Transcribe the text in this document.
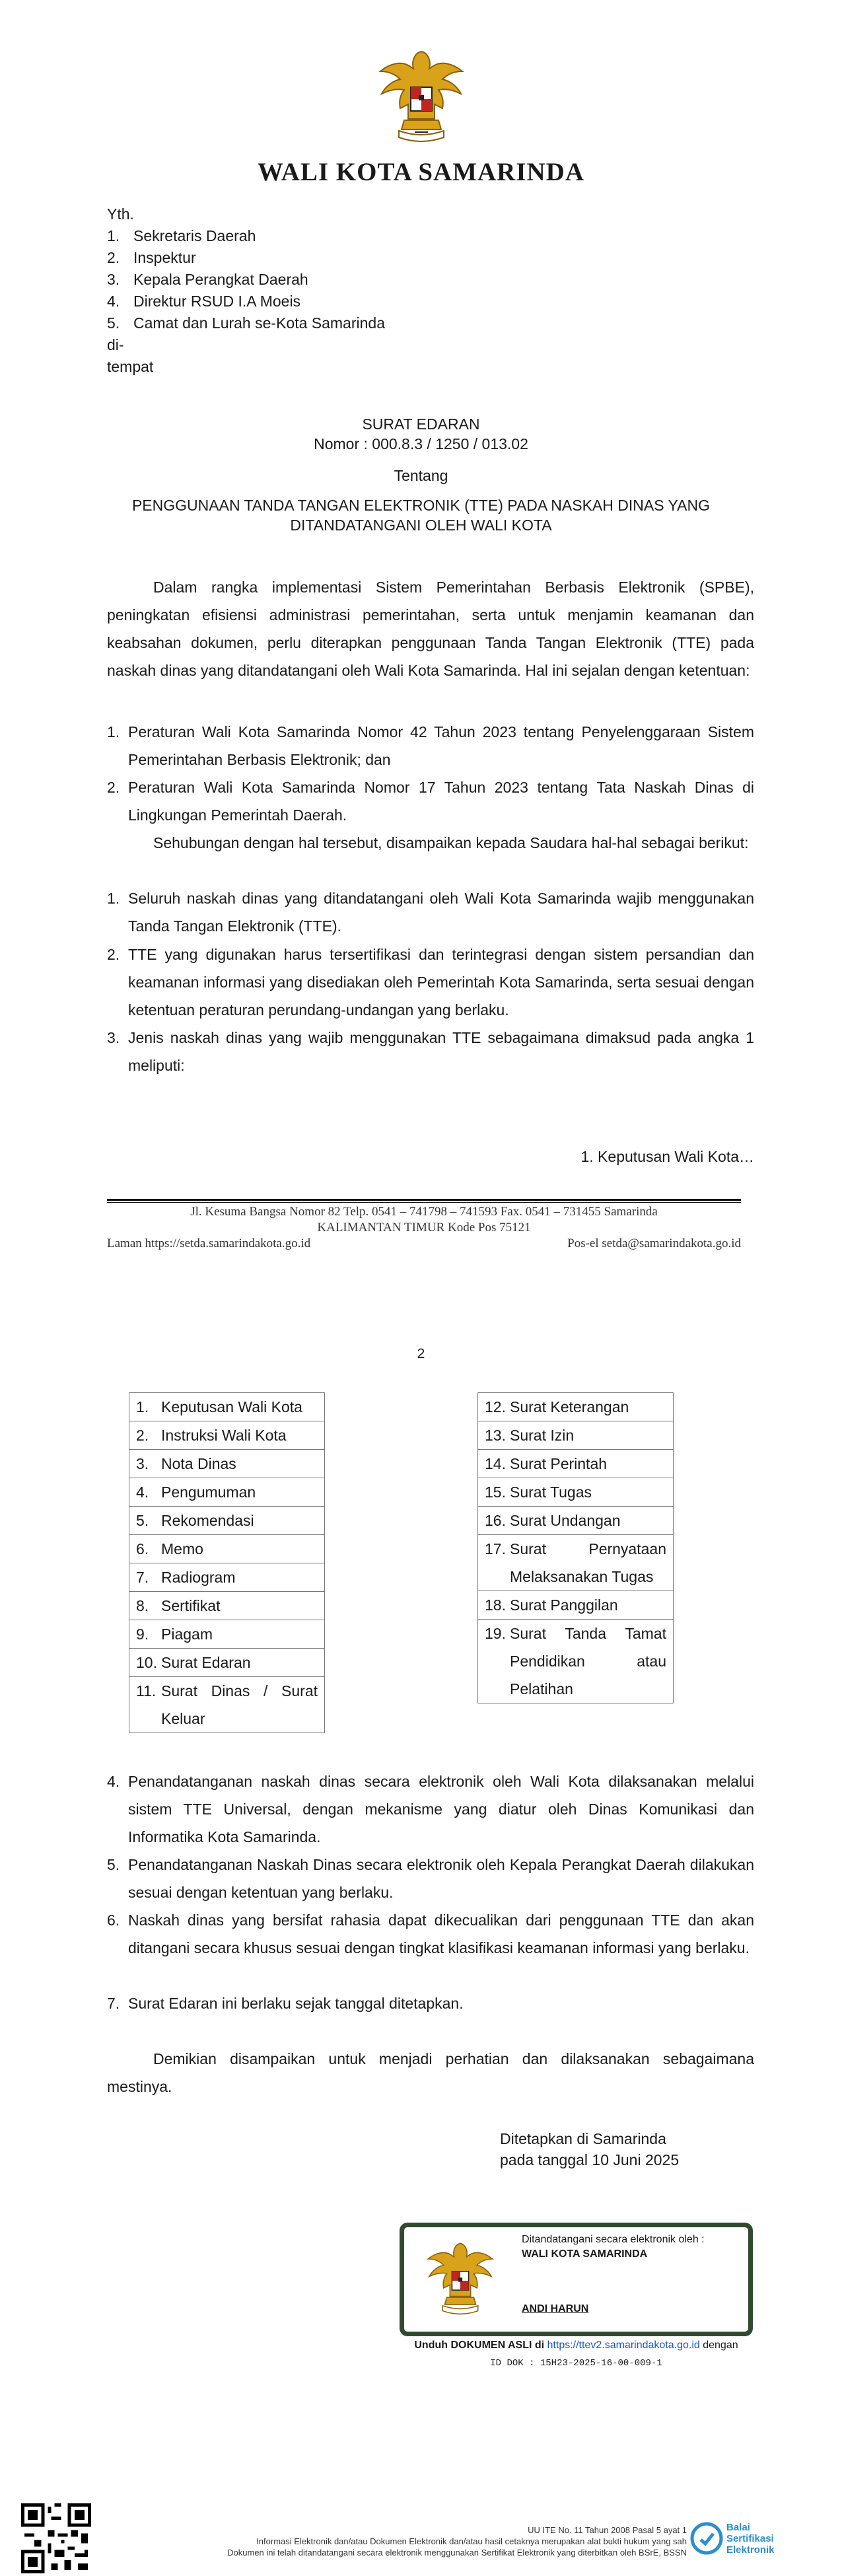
WALI KOTA SAMARINDA
Yth.
1. Sekretaris Daerah
2. Inspektur
3. Kepala Perangkat Daerah
4. Direktur RSUD I.A Moeis
5. Camat dan Lurah se-Kota Samarinda
di-
tempat
SURAT EDARAN
Nomor : 000.8.3 / 1250 / 013.02
Tentang
PENGGUNAAN TANDA TANGAN ELEKTRONIK (TTE) PADA NASKAH DINAS YANG
DITANDATANGANI OLEH WALI KOTA
Dalam rangka implementasi Sistem Pemerintahan Berbasis Elektronik (SPBE), peningkatan efisiensi administrasi pemerintahan, serta untuk menjamin keamanan dan keabsahan dokumen, perlu diterapkan penggunaan Tanda Tangan Elektronik (TTE) pada naskah dinas yang ditandatangani oleh Wali Kota Samarinda. Hal ini sejalan dengan ketentuan:
1. Peraturan Wali Kota Samarinda Nomor 42 Tahun 2023 tentang Penyelenggaraan Sistem Pemerintahan Berbasis Elektronik; dan
2. Peraturan Wali Kota Samarinda Nomor 17 Tahun 2023 tentang Tata Naskah Dinas di Lingkungan Pemerintah Daerah.
Sehubungan dengan hal tersebut, disampaikan kepada Saudara hal-hal sebagai berikut:
1. Seluruh naskah dinas yang ditandatangani oleh Wali Kota Samarinda wajib menggunakan Tanda Tangan Elektronik (TTE).
2. TTE yang digunakan harus tersertifikasi dan terintegrasi dengan sistem persandian dan keamanan informasi yang disediakan oleh Pemerintah Kota Samarinda, serta sesuai dengan ketentuan peraturan perundang-undangan yang berlaku.
3. Jenis naskah dinas yang wajib menggunakan TTE sebagaimana dimaksud pada angka 1 meliputi:
1. Keputusan Wali Kota…
Jl. Kesuma Bangsa Nomor 82 Telp. 0541 – 741798 – 741593 Fax. 0541 – 731455 Samarinda
KALIMANTAN TIMUR Kode Pos 75121
Laman https://setda.samarindakota.go.id	Pos-el setda@samarindakota.go.id
2
1. Keputusan Wali Kota
2. Instruksi Wali Kota
3. Nota Dinas
4. Pengumuman
5. Rekomendasi
6. Memo
7. Radiogram
8. Sertifikat
9. Piagam
10. Surat Edaran

11. Surat Dinas / Surat Keluar
12. Surat Keterangan
13. Surat Izin
14. Surat Perintah
15. Surat Tugas
16. Surat Undangan

17. Surat Pernyataan Melaksanakan Tugas

18. Surat Panggilan

19. Surat Tanda Tamat Pendidikan atau Pelatihan
4. Penandatanganan naskah dinas secara elektronik oleh Wali Kota dilaksanakan melalui sistem TTE Universal, dengan mekanisme yang diatur oleh Dinas Komunikasi dan Informatika Kota Samarinda.
5. Penandatanganan Naskah Dinas secara elektronik oleh Kepala Perangkat Daerah dilakukan sesuai dengan ketentuan yang berlaku.
6. Naskah dinas yang bersifat rahasia dapat dikecualikan dari penggunaan TTE dan akan ditangani secara khusus sesuai dengan tingkat klasifikasi keamanan informasi yang berlaku.
7. Surat Edaran ini berlaku sejak tanggal ditetapkan.
Demikian disampaikan untuk menjadi perhatian dan dilaksanakan sebagaimana mestinya.
Ditetapkan di Samarinda
pada tanggal 10 Juni 2025
Ditandatangani secara elektronik oleh :
WALI KOTA SAMARINDA
ANDI HARUN
Unduh DOKUMEN ASLI di https://ttev2.samarindakota.go.id dengan
ID DOK : 15H23-2025-16-00-009-1
UU ITE No. 11 Tahun 2008 Pasal 5 ayat 1
Informasi Elektronik dan/atau Dokumen Elektronik dan/atau hasil cetaknya merupakan alat bukti hukum yang sah
Dokumen ini telah ditandatangani secara elektronik menggunakan Sertifikat Elektronik yang diterbitkan oleh BSrE, BSSN
Balai
Sertifikasi
Elektronik
